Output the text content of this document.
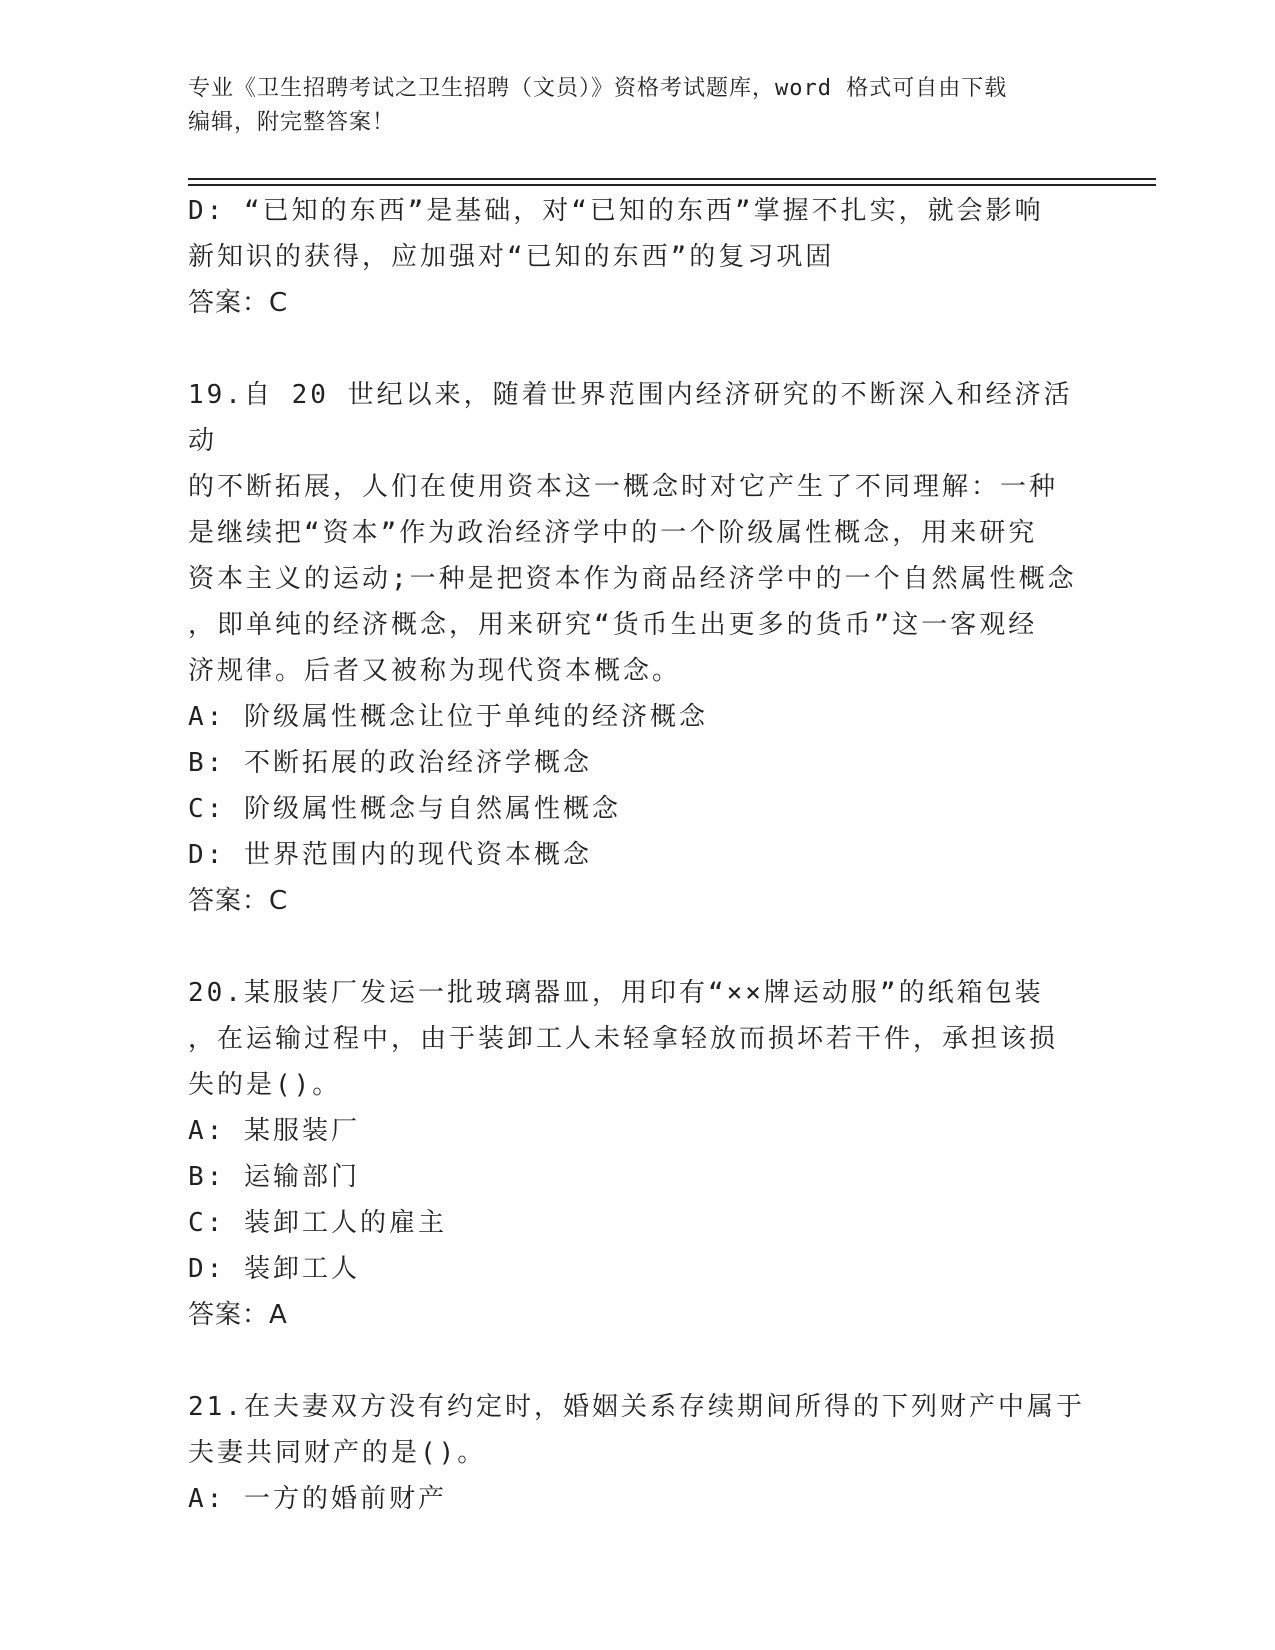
专业《卫生招聘考试之卫生招聘（文员）》资格考试题库，word 格式可自由下载

编辑，附完整答案！

D: “已知的东西”是基础，对“已知的东西”掌握不扎实，就会影响

新知识的获得，应加强对“已知的东西”的复习巩固

答案：C

19.自 20 世纪以来，随着世界范围内经济研究的不断深入和经济活动

的不断拓展，人们在使用资本这一概念时对它产生了不同理解：一种

是继续把“资本”作为政治经济学中的一个阶级属性概念，用来研究

资本主义的运动;一种是把资本作为商品经济学中的一个自然属性概念

，即单纯的经济概念，用来研究“货币生出更多的货币”这一客观经

济规律。后者又被称为现代资本概念。

A: 阶级属性概念让位于单纯的经济概念

B: 不断拓展的政治经济学概念

C: 阶级属性概念与自然属性概念

D: 世界范围内的现代资本概念

答案：C

20.某服装厂发运一批玻璃器皿，用印有“××牌运动服”的纸箱包装

，在运输过程中，由于装卸工人未轻拿轻放而损坏若干件，承担该损

失的是()。

A: 某服装厂

B: 运输部门

C: 装卸工人的雇主

D: 装卸工人

答案：A

21.在夫妻双方没有约定时，婚姻关系存续期间所得的下列财产中属于

夫妻共同财产的是()。

A: 一方的婚前财产
